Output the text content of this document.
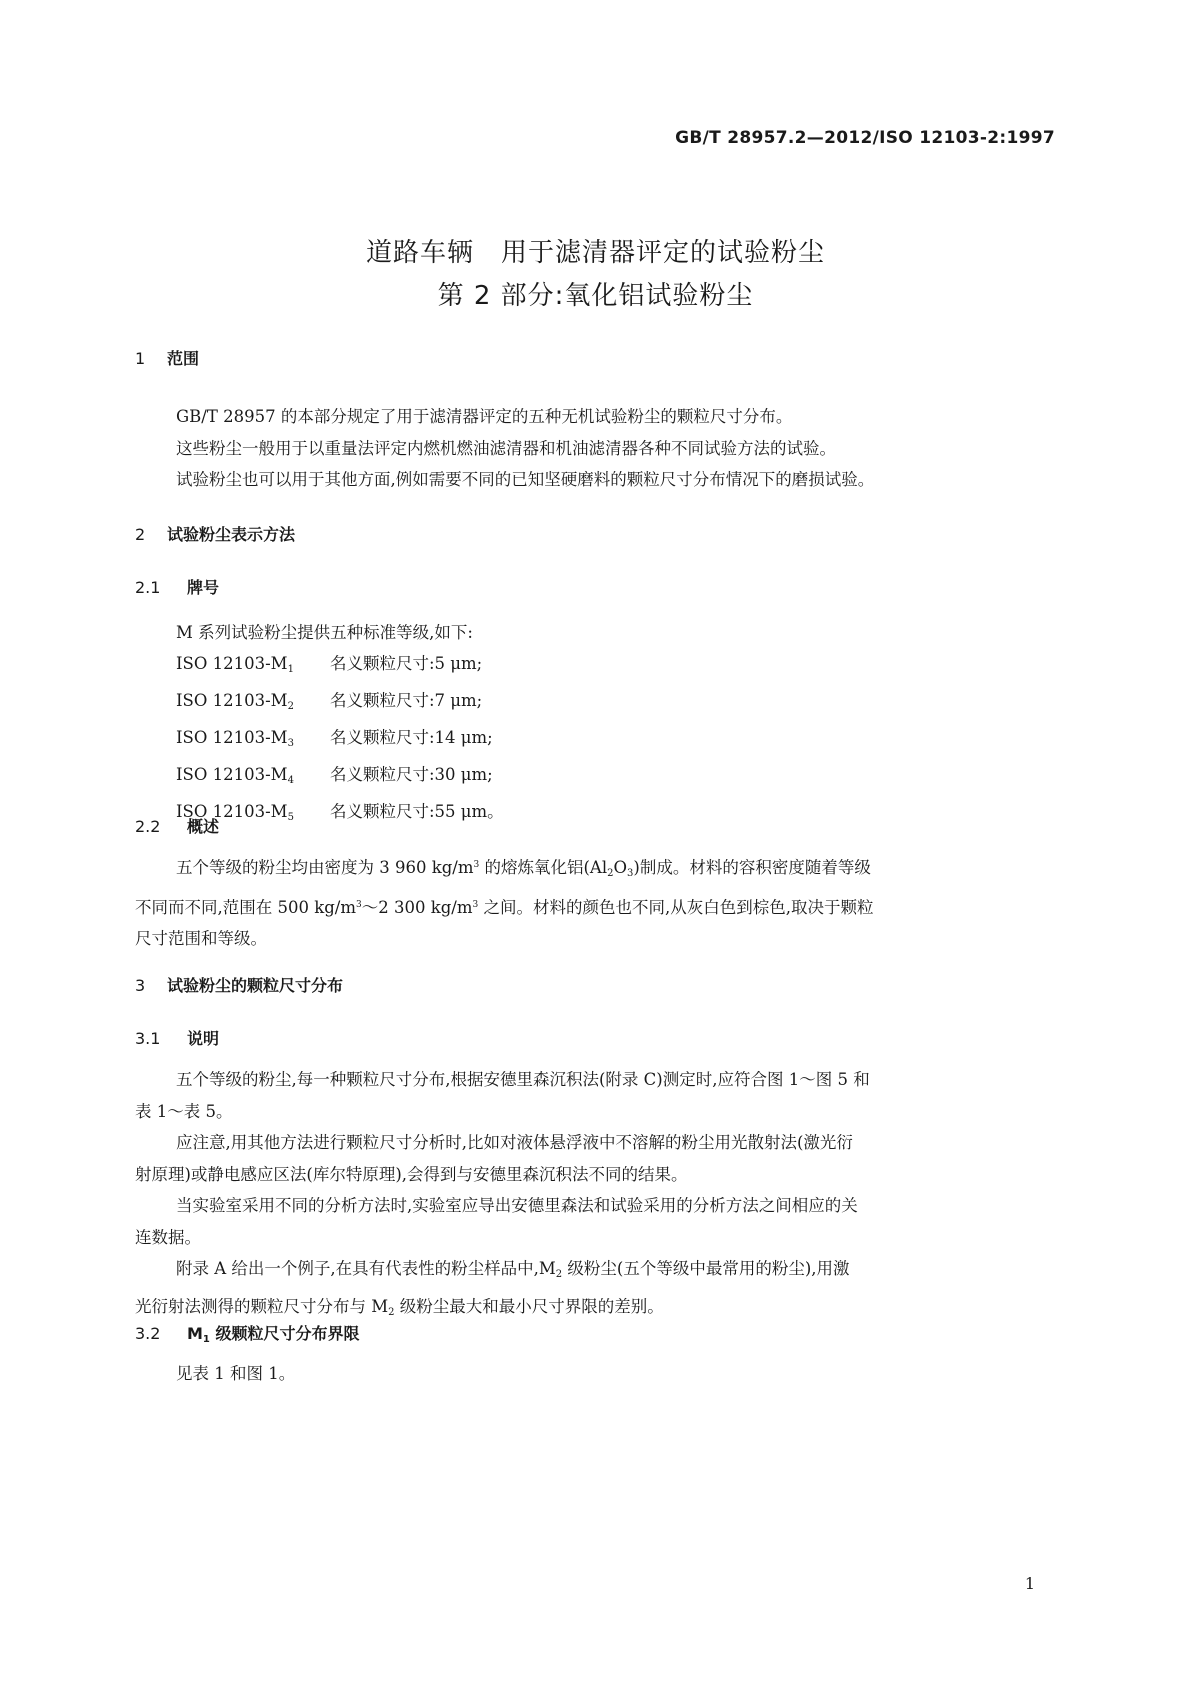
GB/T 28957.2—2012/ISO 12103-2:1997
道路车辆　用于滤清器评定的试验粉尘
第 2 部分:氧化铝试验粉尘
1 范围
GB/T 28957 的本部分规定了用于滤清器评定的五种无机试验粉尘的颗粒尺寸分布。
这些粉尘一般用于以重量法评定内燃机燃油滤清器和机油滤清器各种不同试验方法的试验。
试验粉尘也可以用于其他方面,例如需要不同的已知坚硬磨料的颗粒尺寸分布情况下的磨损试验。
2 试验粉尘表示方法
2.1 牌号
M 系列试验粉尘提供五种标准等级,如下:
ISO $12103-M_1$ 名义颗粒尺寸:5 μm;
ISO $12103-M_2$ 名义颗粒尺寸:7 μm;
ISO $12103-M_3$ 名义颗粒尺寸:14 μm;
ISO $12103-M_4$ 名义颗粒尺寸:30 μm;
ISO $12103-M_5$ 名义颗粒尺寸:55 μm。
2.2 概述
五个等级的粉尘均由密度为 3 960 $kg/m^3$ 的熔炼氧化铝$(Al_2O_3)$制成。材料的容积密度随着等级
不同而不同,范围在 500 $kg/m^3\sim 2$ 300 $kg/m^3$ 之间。材料的颜色也不同,从灰白色到棕色,取决于颗粒
尺寸范围和等级。
3 试验粉尘的颗粒尺寸分布
3.1 说明
五个等级的粉尘,每一种颗粒尺寸分布,根据安德里森沉积法(附录 C)测定时,应符合图 1～图 5 和
表 1～表 5。
应注意,用其他方法进行颗粒尺寸分析时,比如对液体悬浮液中不溶解的粉尘用光散射法(激光衍
射原理)或静电感应区法(库尔特原理),会得到与安德里森沉积法不同的结果。
当实验室采用不同的分析方法时,实验室应导出安德里森法和试验采用的分析方法之间相应的关
连数据。
附录 A 给出一个例子,在具有代表性的粉尘样品中$,M_2$ 级粉尘(五个等级中最常用的粉尘),用激
光衍射法测得的颗粒尺寸分布与 $M_2$ 级粉尘最大和最小尺寸界限的差别。
3.2 $M_1$ 级颗粒尺寸分布界限
见表 1 和图 1。
1
